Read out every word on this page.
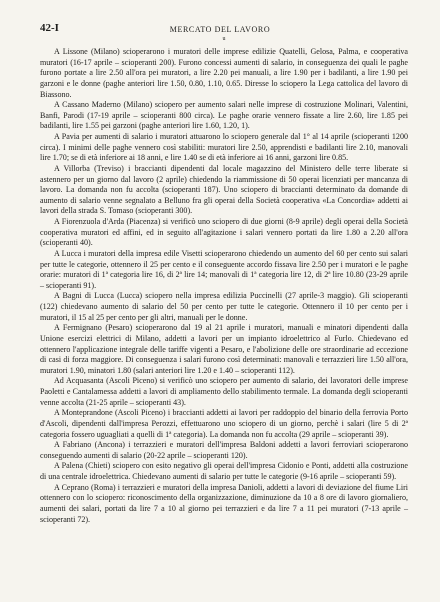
42-I	MERCATO DEL LAVORO
u

A Lissone (Milano) scioperarono i muratori delle imprese edilizie Quatelli, Gelosa, Palma, e cooperativa muratori (16-17 aprile – scioperanti 200). Furono concessi aumenti di salario, in conseguenza dei quali le paghe furono portate a lire 2.50 all'ora pei muratori, a lire 2.20 pei manuali, a lire 1.90 per i badilanti, a lire 1.90 pei garzoni e le donne (paghe anteriori lire 1.50, 0.80, 1.10, 0.65. Diresse lo sciopero la Lega cattolica del lavoro di Biassono.

A Cassano Maderno (Milano) sciopero per aumento salari nelle imprese di costruzione Molinari, Valentini, Banfi, Parodi (17-19 aprile – scioperanti 800 circa). Le paghe orarie vennero fissate a lire 2.60, lire 1.85 pei badilanti, lire 1.55 pei garzoni (paghe anteriori lire 1.60, 1.20, 1).

A Pavia per aumenti di salario i muratori attuarono lo sciopero generale dal 1° al 14 aprile (scioperanti 1200 circa). I minimi delle paghe vennero così stabiliti: muratori lire 2.50, apprendisti e badilanti lire 2.10, manovali lire 1.70; se di età inferiore ai 18 anni, e lire 1.40 se di età inferiore ai 16 anni, garzoni lire 0.85.

A Villorba (Treviso) i braccianti dipendenti dal locale magazzino del Ministero delle terre liberate si astennero per un giorno dal lavoro (2 aprile) chiedendo la riammissione di 50 operai licenziati per mancanza di lavoro. La domanda non fu accolta (scioperanti 187). Uno sciopero di braccianti determinato da domande di aumento di salario venne segnalato a Belluno fra gli operai della Società cooperativa «La Concordia» addetti ai lavori della strada S. Tomaso (scioperanti 300).

A Fiorenzuola d'Arda (Piacenza) si verificò uno sciopero di due giorni (8-9 aprile) degli operai della Società cooperativa muratori ed affini, ed in seguito all'agitazione i salari vennero portati da lire 1.80 a 2.20 all'ora (scioperanti 40).

A Lucca i muratori della impresa edile Visetti scioperarono chiedendo un aumento del 60 per cento sui salari per tutte le categorie, ottennero il 25 per cento e il conseguente accordo fissava lire 2.50 per i muratori e le paghe orarie: muratori di 1ª categoria lire 16, di 2ª lire 14; manovali di 1ª categoria lire 12, di 2ª lire 10.80 (23-29 aprile – scioperanti 91).

A Bagni di Lucca (Lucca) sciopero nella impresa edilizia Puccinelli (27 aprile-3 maggio). Gli scioperanti (122) chiedevano aumento di salario del 50 per cento per tutte le categorie. Ottennero il 10 per cento per i muratori, il 15 al 25 per cento per gli altri, manuali per le donne.

A Fermignano (Pesaro) scioperarono dal 19 al 21 aprile i muratori, manuali e minatori dipendenti dalla Unione esercizi elettrici di Milano, addetti a lavori per un impianto idroelettrico al Furlo. Chiedevano ed ottennero l'applicazione integrale delle tariffe vigenti a Pesaro, e l'abolizione delle ore straordinarie ad eccezione di casi di forza maggiore. Di conseguenza i salari furono così determinati: manovali e terrazzieri lire 1.50 all'ora, muratori 1.90, minatori 1.80 (salari anteriori lire 1.20 e 1.40 – scioperanti 112).

Ad Acquasanta (Ascoli Piceno) si verificò uno sciopero per aumento di salario, dei lavoratori delle imprese Paoletti e Cantalamessa addetti a lavori di ampliamento dello stabilimento termale. La domanda degli scioperanti venne accolta (21-25 aprile – scioperanti 43).

A Monteprandone (Ascoli Piceno) i braccianti addetti ai lavori per raddoppio del binario della ferrovia Porto d'Ascoli, dipendenti dall'impresa Perozzi, effettuarono uno sciopero di un giorno, perchè i salari (lire 5 di 2ª categoria fossero uguagliati a quelli di 1ª categoria). La domanda non fu accolta (29 aprile – scioperanti 39).

A Fabriano (Ancona) i terrazzieri e muratori dell'impresa Baldoni addetti a lavori ferroviari scioperarono conseguendo aumenti di salario (20-22 aprile – scioperanti 120).

A Palena (Chieti) sciopero con esito negativo gli operai dell'impresa Cidonio e Ponti, addetti alla costruzione di una centrale idroelettrica. Chiedevano aumenti di salario per tutte le categorie (9-16 aprile – scioperanti 59).

A Ceprano (Roma) i terrazzieri e muratori della impresa Danioli, addetti a lavori di deviazione del fiume Liri ottennero con lo sciopero: riconoscimento della organizzazione, diminuzione da 10 a 8 ore di lavoro giornaliero, aumenti dei salari, portati da lire 7 a 10 al giorno pei terrazzieri e da lire 7 a 11 pei muratori (7-13 aprile – scioperanti 72).
